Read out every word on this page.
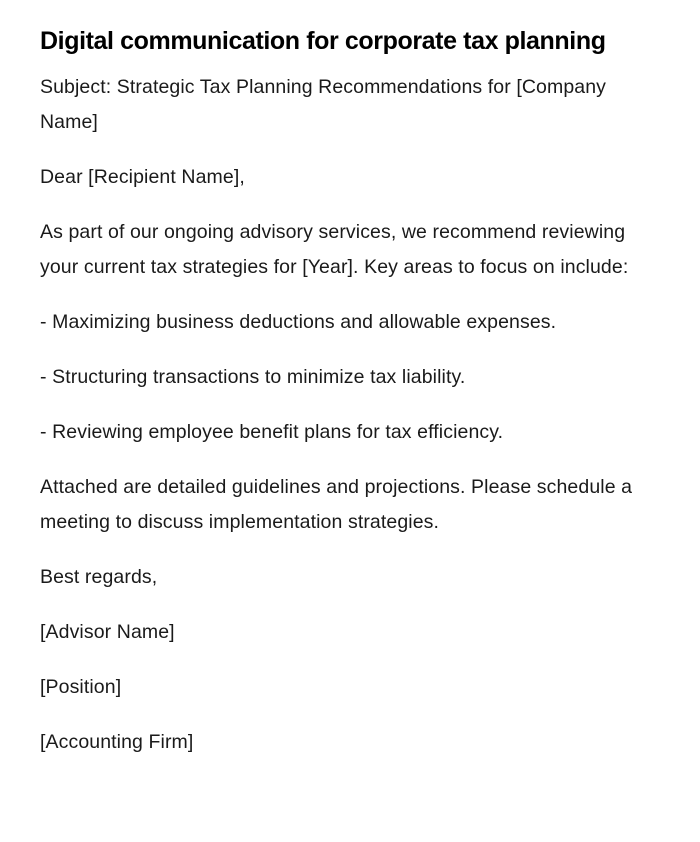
Digital communication for corporate tax planning

Subject: Strategic Tax Planning Recommendations for [Company Name]

Dear [Recipient Name],

As part of our ongoing advisory services, we recommend reviewing your current tax strategies for [Year]. Key areas to focus on include:

- Maximizing business deductions and allowable expenses.

- Structuring transactions to minimize tax liability.

- Reviewing employee benefit plans for tax efficiency.

Attached are detailed guidelines and projections. Please schedule a meeting to discuss implementation strategies.

Best regards,

[Advisor Name]

[Position]

[Accounting Firm]
